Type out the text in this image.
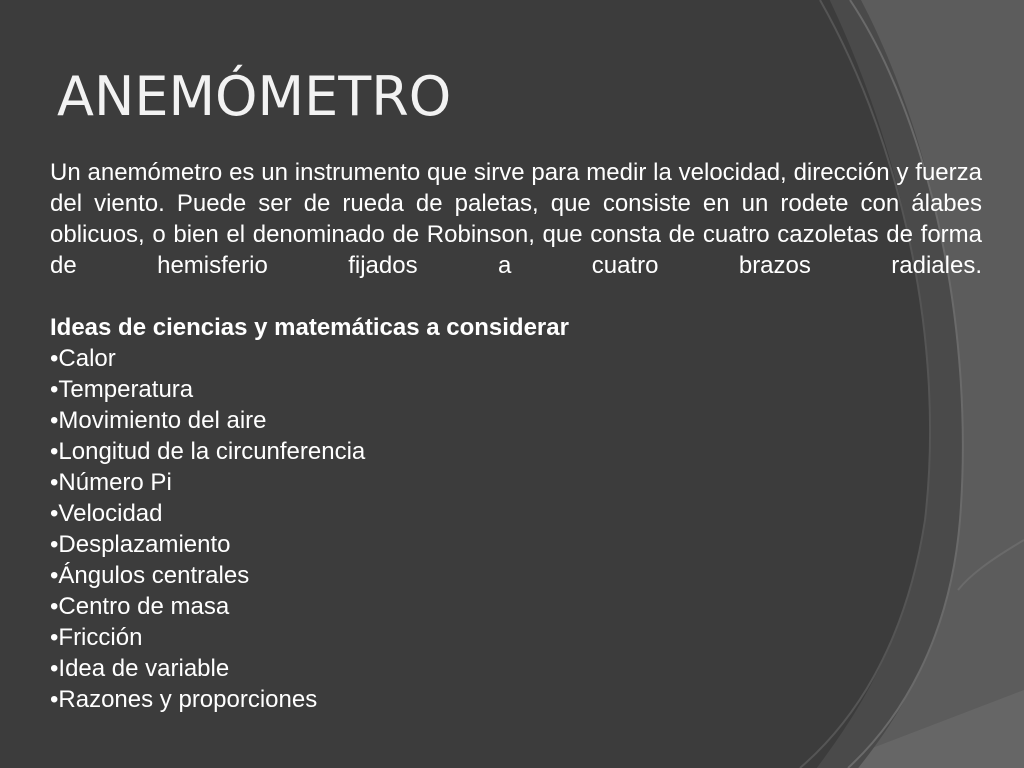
ANEMÓMETRO

Un anemómetro es un instrumento que sirve para medir la velocidad, dirección y fuerza del viento. Puede ser de rueda de paletas, que consiste en un rodete con álabes oblicuos, o bien el denominado de Robinson, que consta de cuatro cazoletas de forma de hemisferio fijados a cuatro brazos radiales.

Ideas de ciencias y matemáticas a considerar

•Calor
•Temperatura
•Movimiento del aire
•Longitud de la circunferencia
•Número Pi
•Velocidad
•Desplazamiento
•Ángulos centrales
•Centro de masa
•Fricción
•Idea de variable
•Razones y proporciones
